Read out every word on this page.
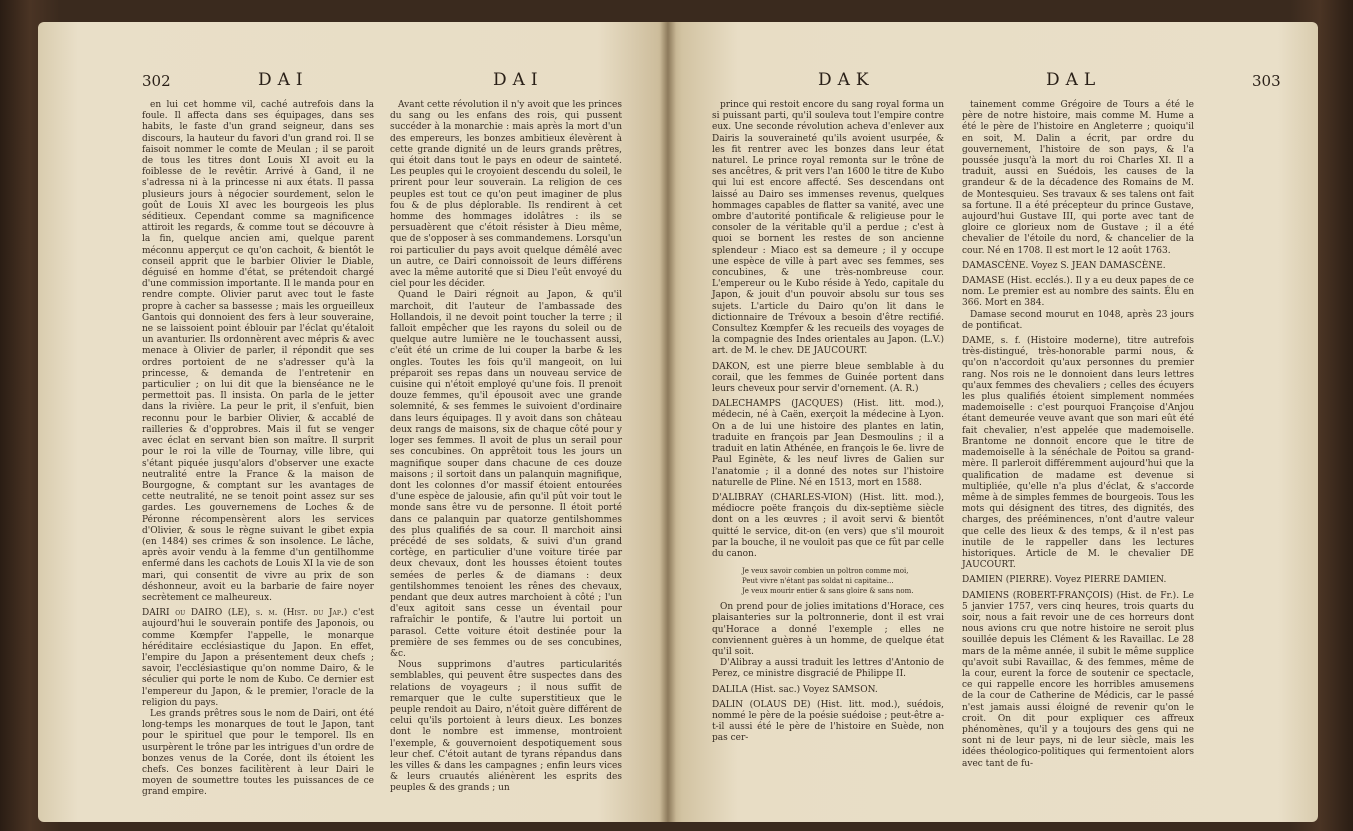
302	DAI	DAI

en lui cet homme vil, caché autrefois dans la foule. Il affecta dans ses équipages, dans ses habits, le faste d'un grand seigneur, dans ses discours, la hauteur du favori d'un grand roi. Il se faisoit nommer le comte de Meulan ; il se paroit de tous les titres dont Louis XI avoit eu la foiblesse de le revêtir. Arrivé à Gand, il ne s'adressa ni à la princesse ni aux états. Il passa plusieurs jours à négocier sourdement, selon le goût de Louis XI avec les bourgeois les plus séditieux. Cependant comme sa magnificence attiroit les regards, & comme tout se découvre à la fin, quelque ancien ami, quelque parent méconnu apperçut ce qu'on cachoit, & bientôt le conseil apprit que le barbier Olivier le Diable, déguisé en homme d'état, se prétendoit chargé d'une commission importante. Il le manda pour en rendre compte. Olivier parut avec tout le faste propre à cacher sa bassesse ; mais les orgueilleux Gantois qui donnoient des fers à leur souveraine, ne se laissoient point éblouir par l'éclat qu'étaloit un avanturier. Ils ordonnèrent avec mépris & avec menace à Olivier de parler, il répondit que ses ordres portoient de ne s'adresser qu'à la princesse, & demanda de l'entretenir en particulier ; on lui dit que la bienséance ne le permettoit pas. Il insista. On parla de le jetter dans la rivière. La peur le prit, il s'enfuit, bien reconnu pour le barbier Olivier, & accablé de railleries & d'opprobres. Mais il fut se venger avec éclat en servant bien son maître. Il surprit pour le roi la ville de Tournay, ville libre, qui s'étant piquée jusqu'alors d'observer une exacte neutralité entre la France & la maison de Bourgogne, & comptant sur les avantages de cette neutralité, ne se tenoit point assez sur ses gardes. Les gouvernemens de Loches & de Péronne récompensèrent alors les services d'Olivier, & sous le règne suivant le gibet expia (en 1484) ses crimes & son insolence. Le lâche, après avoir vendu à la femme d'un gentilhomme enfermé dans les cachots de Louis XI la vie de son mari, qui consentit de vivre au prix de son déshonneur, avoit eu la barbarie de faire noyer secrètement ce malheureux.

DAIRI ou DAIRO (LE), s. m. (Hist. du Jap.) c'est aujourd'hui le souverain pontife des Japonois, ou comme Kœmpfer l'appelle, le monarque héréditaire ecclésiastique du Japon. En effet, l'empire du Japon a présentement deux chefs ; savoir, l'ecclésiastique qu'on nomme Dairo, & le séculier qui porte le nom de Kubo. Ce dernier est l'empereur du Japon, & le premier, l'oracle de la religion du pays.

Les grands prêtres sous le nom de Dairi, ont été long-temps les monarques de tout le Japon, tant pour le spirituel que pour le temporel. Ils en usurpèrent le trône par les intrigues d'un ordre de bonzes venus de la Corée, dont ils étoient les chefs. Ces bonzes facilitèrent à leur Dairi le moyen de soumettre toutes les puissances de ce grand empire.

Avant cette révolution il n'y avoit que les princes du sang ou les enfans des rois, qui pussent succéder à la monarchie : mais après la mort d'un des empereurs, les bonzes ambitieux élevèrent à cette grande dignité un de leurs grands prêtres, qui étoit dans tout le pays en odeur de sainteté. Les peuples qui le croyoient descendu du soleil, le prirent pour leur souverain. La religion de ces peuples est tout ce qu'on peut imaginer de plus fou & de plus déplorable. Ils rendirent à cet homme des hommages idolâtres : ils se persuadèrent que c'étoit résister à Dieu même, que de s'opposer à ses commandemens. Lorsqu'un roi particulier du pays avoit quelque démêlé avec un autre, ce Dairi connoissoit de leurs différens avec la même autorité que si Dieu l'eût envoyé du ciel pour les décider.

Quand le Dairi régnoit au Japon, & qu'il marchoit, dit l'auteur de l'ambassade des Hollandois, il ne devoit point toucher la terre ; il falloit empêcher que les rayons du soleil ou de quelque autre lumière ne le touchassent aussi, c'eût été un crime de lui couper la barbe & les ongles. Toutes les fois qu'il mangeoit, on lui préparoit ses repas dans un nouveau service de cuisine qui n'étoit employé qu'une fois. Il prenoit douze femmes, qu'il épousoit avec une grande solemnité, & ses femmes le suivoient d'ordinaire dans leurs équipages. Il y avoit dans son château deux rangs de maisons, six de chaque côté pour y loger ses femmes. Il avoit de plus un serail pour ses concubines. On apprêtoit tous les jours un magnifique souper dans chacune de ces douze maisons ; il sortoit dans un palanquin magnifique, dont les colonnes d'or massif étoient entourées d'une espèce de jalousie, afin qu'il pût voir tout le monde sans être vu de personne. Il étoit porté dans ce palanquin par quatorze gentilshommes des plus qualifiés de sa cour. Il marchoit ainsi précédé de ses soldats, & suivi d'un grand cortège, en particulier d'une voiture tirée par deux chevaux, dont les housses étoient toutes semées de perles & de diamans : deux gentilshommes tenoient les rênes des chevaux, pendant que deux autres marchoient à côté ; l'un d'eux agitoit sans cesse un éventail pour rafraîchir le pontife, & l'autre lui portoit un parasol. Cette voiture étoit destinée pour la première de ses femmes ou de ses concubines, &c.

Nous supprimons d'autres particularités semblables, qui peuvent être suspectes dans des relations de voyageurs ; il nous suffit de remarquer que le culte superstitieux que le peuple rendoit au Dairo, n'étoit guère différent de celui qu'ils portoient à leurs dieux. Les bonzes dont le nombre est immense, montroient l'exemple, & gouvernoient despotiquement sous leur chef. C'étoit autant de tyrans répandus dans les villes & dans les campagnes ; enfin leurs vices & leurs cruautés aliénèrent les esprits des peuples & des grands ; un

DAK	DAL	303

prince qui restoit encore du sang royal forma un si puissant parti, qu'il souleva tout l'empire contre eux. Une seconde révolution acheva d'enlever aux Dairis la souveraineté qu'ils avoient usurpée, & les fit rentrer avec les bonzes dans leur état naturel. Le prince royal remonta sur le trône de ses ancêtres, & prit vers l'an 1600 le titre de Kubo qui lui est encore affecté. Ses descendans ont laissé au Dairo ses immenses revenus, quelques hommages capables de flatter sa vanité, avec une ombre d'autorité pontificale & religieuse pour le consoler de la véritable qu'il a perdue ; c'est à quoi se bornent les restes de son ancienne splendeur : Miaco est sa demeure ; il y occupe une espèce de ville à part avec ses femmes, ses concubines, & une très-nombreuse cour. L'empereur ou le Kubo réside à Yedo, capitale du Japon, & jouit d'un pouvoir absolu sur tous ses sujets. L'article du Dairo qu'on lit dans le dictionnaire de Trévoux a besoin d'être rectifié. Consultez Kœmpfer & les recueils des voyages de la compagnie des Indes orientales au Japon. (L.V.) art. de M. le chev. DE JAUCOURT.

DAKON, est une pierre bleue semblable à du corail, que les femmes de Guinée portent dans leurs cheveux pour servir d'ornement. (A. R.)

DALECHAMPS (JACQUES) (Hist. litt. mod.), médecin, né à Caën, exerçoit la médecine à Lyon. On a de lui une histoire des plantes en latin, traduite en françois par Jean Desmoulins ; il a traduit en latin Athénée, en françois le 6e. livre de Paul Eginète, & les neuf livres de Galien sur l'anatomie ; il a donné des notes sur l'histoire naturelle de Pline. Né en 1513, mort en 1588.

D'ALIBRAY (CHARLES-VION) (Hist. litt. mod.), médiocre poëte françois du dix-septième siècle dont on a les œuvres ; il avoit servi & bientôt quitté le service, dit-on (en vers) que s'il mouroit par la bouche, il ne vouloit pas que ce fût par celle du canon.

Je veux savoir combien un poltron comme moi,
Peut vivre n'étant pas soldat ni capitaine...
Je veux mourir entier & sans gloire & sans nom.

On prend pour de jolies imitations d'Horace, ces plaisanteries sur la poltronnerie, dont il est vrai qu'Horace a donné l'exemple ; elles ne conviennent guères à un homme, de quelque état qu'il soit.

D'Alibray a aussi traduit les lettres d'Antonio de Perez, ce ministre disgracié de Philippe II.

DALILA (Hist. sac.) Voyez SAMSON.

DALIN (OLAUS DE) (Hist. litt. mod.), suédois, nommé le père de la poésie suédoise ; peut-être a-t-il aussi été le père de l'histoire en Suède, non pas cer-

tainement comme Grégoire de Tours a été le père de notre histoire, mais comme M. Hume a été le père de l'histoire en Angleterre ; quoiqu'il en soit, M. Dalin a écrit, par ordre du gouvernement, l'histoire de son pays, & l'a poussée jusqu'à la mort du roi Charles XI. Il a traduit, aussi en Suédois, les causes de la grandeur & de la décadence des Romains de M. de Montesquieu. Ses travaux & ses talens ont fait sa fortune. Il a été précepteur du prince Gustave, aujourd'hui Gustave III, qui porte avec tant de gloire ce glorieux nom de Gustave ; il a été chevalier de l'étoile du nord, & chancelier de la cour. Né en 1708. Il est mort le 12 août 1763.

DAMASCÈNE. Voyez S. JEAN DAMASCÈNE.

DAMASE (Hist. ecclés.). Il y a eu deux papes de ce nom. Le premier est au nombre des saints. Élu en 366. Mort en 384.

Damase second mourut en 1048, après 23 jours de pontificat.

DAME, s. f. (Histoire moderne), titre autrefois très-distingué, très-honorable parmi nous, & qu'on n'accordoit qu'aux personnes du premier rang. Nos rois ne le donnoient dans leurs lettres qu'aux femmes des chevaliers ; celles des écuyers les plus qualifiés étoient simplement nommées mademoiselle : c'est pourquoi Françoise d'Anjou étant demeurée veuve avant que son mari eût été fait chevalier, n'est appelée que mademoiselle. Brantome ne donnoit encore que le titre de mademoiselle à la sénéchale de Poitou sa grand-mère. Il parleroit différemment aujourd'hui que la qualification de madame est devenue si multipliée, qu'elle n'a plus d'éclat, & s'accorde même à de simples femmes de bourgeois. Tous les mots qui désignent des titres, des dignités, des charges, des prééminences, n'ont d'autre valeur que celle des lieux & des temps, & il n'est pas inutile de le rappeller dans les lectures historiques. Article de M. le chevalier DE JAUCOURT.

DAMIEN (PIERRE). Voyez PIERRE DAMIEN.

DAMIENS (ROBERT-FRANÇOIS) (Hist. de Fr.). Le 5 janvier 1757, vers cinq heures, trois quarts du soir, nous a fait revoir une de ces horreurs dont nous avions cru que notre histoire ne seroit plus souillée depuis les Clément & les Ravaillac. Le 28 mars de la même année, il subit le même supplice qu'avoit subi Ravaillac, & des femmes, même de la cour, eurent la force de soutenir ce spectacle, ce qui rappelle encore les horribles amusemens de la cour de Catherine de Médicis, car le passé n'est jamais aussi éloigné de revenir qu'on le croit. On dit pour expliquer ces affreux phénomènes, qu'il y a toujours des gens qui ne sont ni de leur pays, ni de leur siècle, mais les idées théologico-politiques qui fermentoient alors avec tant de fu-
